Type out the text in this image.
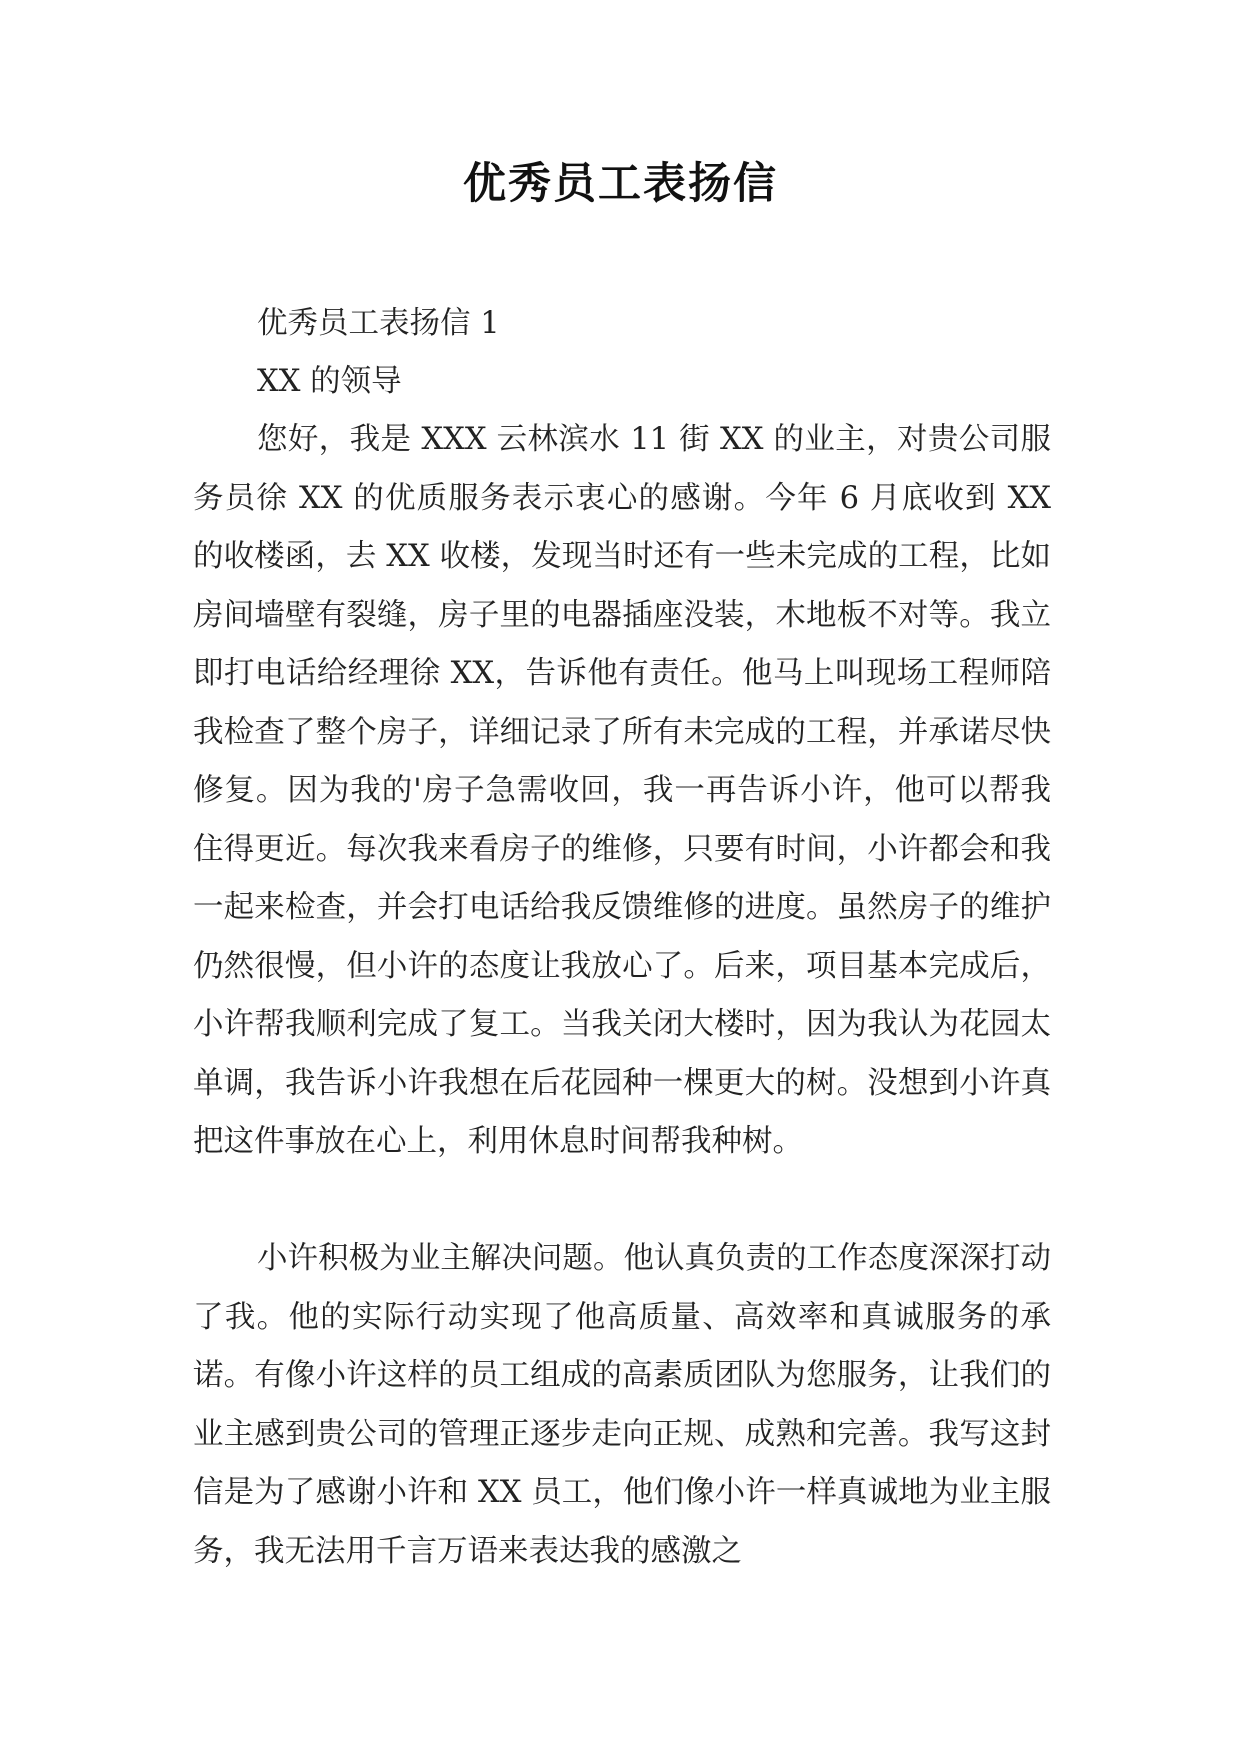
优秀员工表扬信

优秀员工表扬信 1

XX 的领导

您好，我是 XXX 云林滨水 11 街 XX 的业主，对贵公司服务员徐 XX 的优质服务表示衷心的感谢。今年 6 月底收到 XX 的收楼函，去 XX 收楼，发现当时还有一些未完成的工程，比如房间墙壁有裂缝，房子里的电器插座没装，木地板不对等。我立即打电话给经理徐 XX，告诉他有责任。他马上叫现场工程师陪我检查了整个房子，详细记录了所有未完成的工程，并承诺尽快修复。因为我的'房子急需收回，我一再告诉小许，他可以帮我住得更近。每次我来看房子的维修，只要有时间，小许都会和我一起来检查，并会打电话给我反馈维修的进度。虽然房子的维护仍然很慢，但小许的态度让我放心了。后来，项目基本完成后，小许帮我顺利完成了复工。当我关闭大楼时，因为我认为花园太单调，我告诉小许我想在后花园种一棵更大的树。没想到小许真把这件事放在心上，利用休息时间帮我种树。

小许积极为业主解决问题。他认真负责的工作态度深深打动了我。他的实际行动实现了他高质量、高效率和真诚服务的承诺。有像小许这样的员工组成的高素质团队为您服务，让我们的业主感到贵公司的管理正逐步走向正规、成熟和完善。我写这封信是为了感谢小许和 XX 员工，他们像小许一样真诚地为业主服务，我无法用千言万语来表达我的感激之
